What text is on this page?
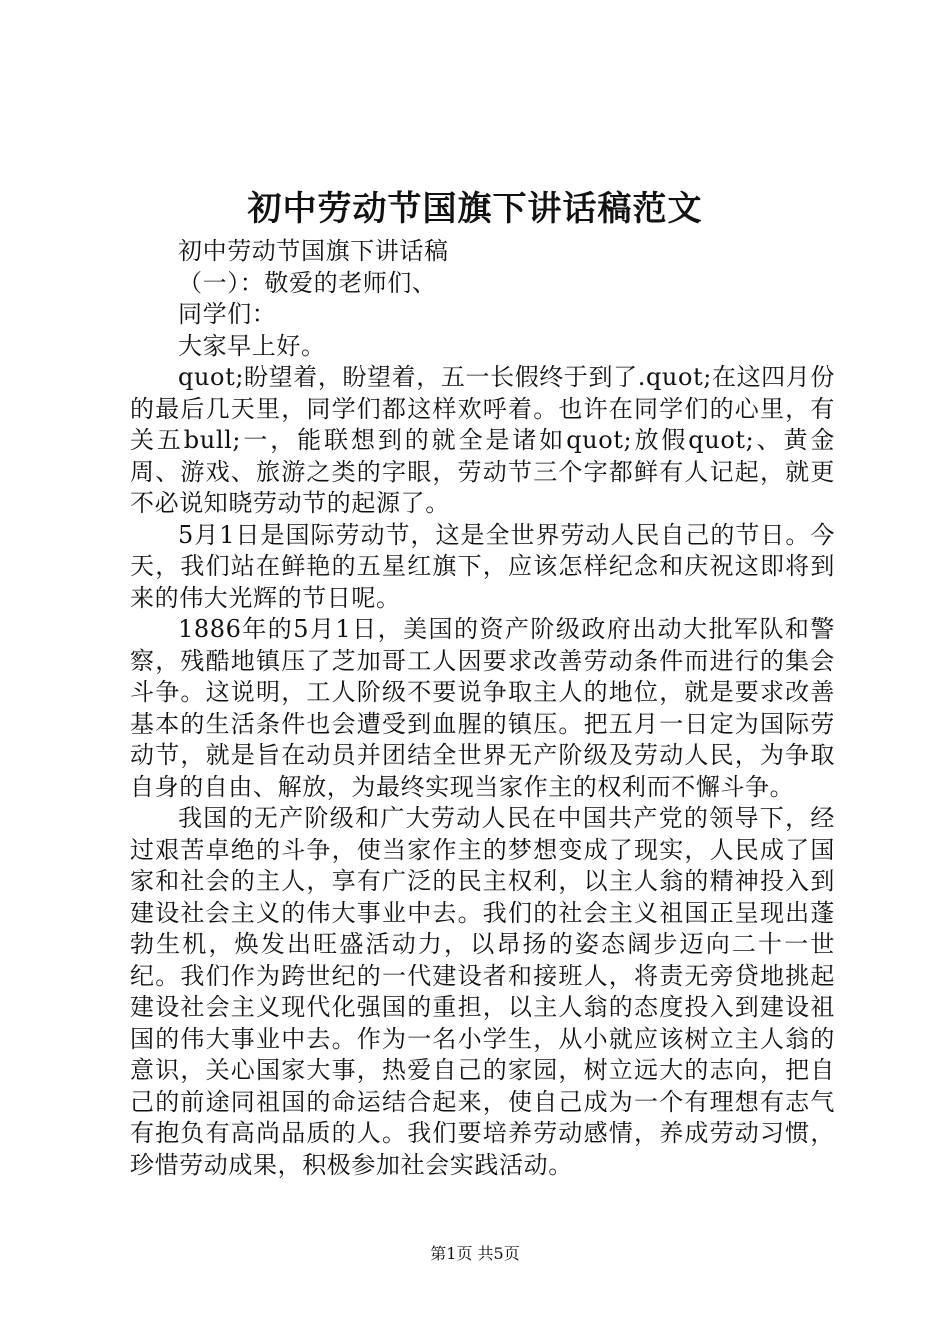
初中劳动节国旗下讲话稿范文

初中劳动节国旗下讲话稿

（一）：敬爱的老师们、

同学们：

大家早上好。

quot;盼望着，盼望着，五一长假终于到了.quot;在这四月份的最后几天里，同学们都这样欢呼着。也许在同学们的心里，有关五bull;一，能联想到的就全是诸如quot;放假quot;、黄金周、游戏、旅游之类的字眼，劳动节三个字都鲜有人记起，就更不必说知晓劳动节的起源了。

5月1日是国际劳动节，这是全世界劳动人民自己的节日。今天，我们站在鲜艳的五星红旗下，应该怎样纪念和庆祝这即将到来的伟大光辉的节日呢。

1886年的5月1日，美国的资产阶级政府出动大批军队和警察，残酷地镇压了芝加哥工人因要求改善劳动条件而进行的集会斗争。这说明，工人阶级不要说争取主人的地位，就是要求改善基本的生活条件也会遭受到血腥的镇压。把五月一日定为国际劳动节，就是旨在动员并团结全世界无产阶级及劳动人民，为争取自身的自由、解放，为最终实现当家作主的权利而不懈斗争。

我国的无产阶级和广大劳动人民在中国共产党的领导下，经过艰苦卓绝的斗争，使当家作主的梦想变成了现实，人民成了国家和社会的主人，享有广泛的民主权利，以主人翁的精神投入到建设社会主义的伟大事业中去。我们的社会主义祖国正呈现出蓬勃生机，焕发出旺盛活动力，以昂扬的姿态阔步迈向二十一世纪。我们作为跨世纪的一代建设者和接班人，将责无旁贷地挑起建设社会主义现代化强国的重担，以主人翁的态度投入到建设祖国的伟大事业中去。作为一名小学生，从小就应该树立主人翁的意识，关心国家大事，热爱自己的家园，树立远大的志向，把自己的前途同祖国的命运结合起来，使自己成为一个有理想有志气有抱负有高尚品质的人。我们要培养劳动感情，养成劳动习惯，珍惜劳动成果，积极参加社会实践活动。

第1页 共5页
